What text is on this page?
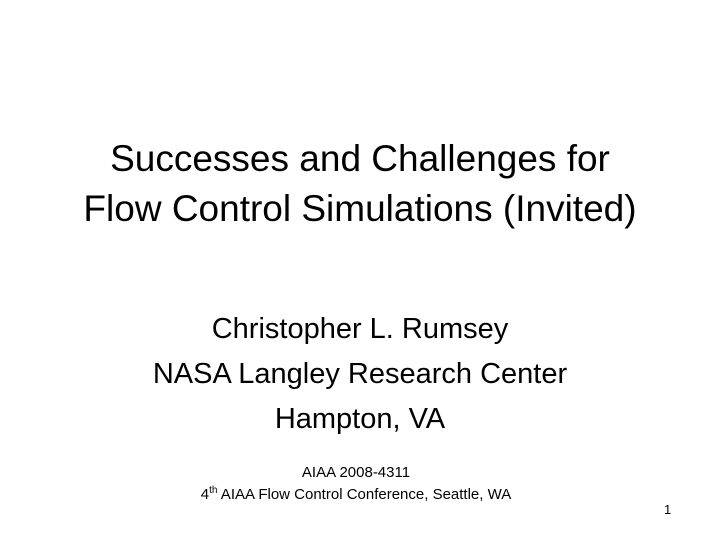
Successes and Challenges for
Flow Control Simulations (Invited)
Christopher L. Rumsey
NASA Langley Research Center
Hampton, VA
AIAA 2008-4311
4th AIAA Flow Control Conference, Seattle, WA
1
